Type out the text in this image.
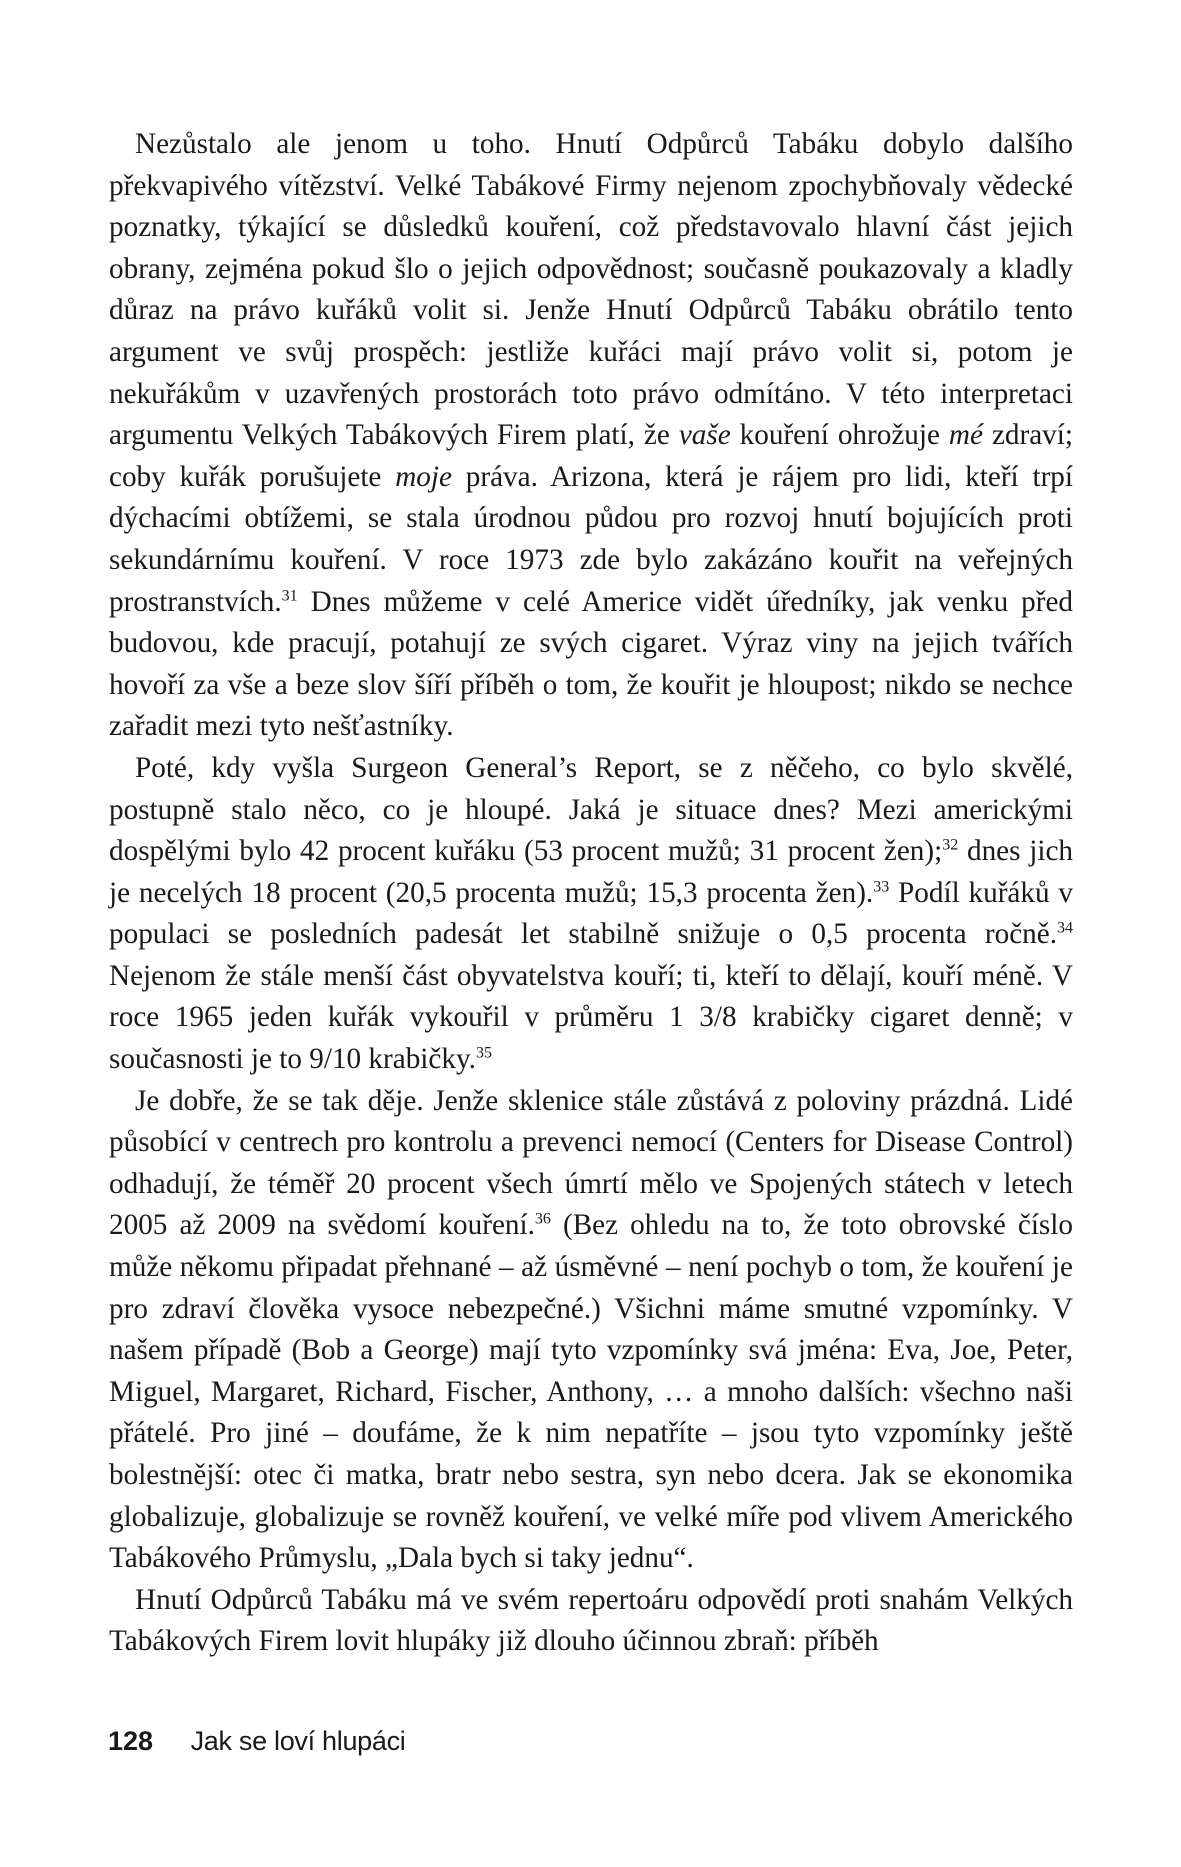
Nezůstalo ale jenom u toho. Hnutí Odpůrců Tabáku dobylo dalšího překvapivého vítězství. Velké Tabákové Firmy nejenom zpochybňovaly vědecké poznatky, týkající se důsledků kouření, což představovalo hlavní část jejich obrany, zejména pokud šlo o jejich odpovědnost; současně poukazovaly a kladly důraz na právo kuřáků volit si. Jenže Hnutí Odpůrců Tabáku obrátilo tento argument ve svůj prospěch: jestliže kuřáci mají právo volit si, potom je nekuřákům v uzavřených prostorách toto právo odmítáno. V této interpretaci argumentu Velkých Tabákových Firem platí, že vaše kouření ohrožuje mé zdraví; coby kuřák porušujete moje práva. Arizona, která je rájem pro lidi, kteří trpí dýchacími obtížemi, se stala úrodnou půdou pro rozvoj hnutí bojujících proti sekundárnímu kouření. V roce 1973 zde bylo zakázáno kouřit na veřejných prostranstvích.$^{31}$ Dnes můžeme v celé Americe vidět úředníky, jak venku před budovou, kde pracují, potahují ze svých cigaret. Výraz viny na jejich tvářích hovoří za vše a beze slov šíří příběh o tom, že kouřit je hloupost; nikdo se nechce zařadit mezi tyto nešťastníky.

Poté, kdy vyšla Surgeon General’s Report, se z něčeho, co bylo skvělé, postupně stalo něco, co je hloupé. Jaká je situace dnes? Mezi americkými dospělými bylo 42 procent kuřáku (53 procent mužů; 31 procent žen);$^{32}$ dnes jich je necelých 18 procent (20,5 procenta mužů; 15,3 procenta žen).$^{33}$ Podíl kuřáků v populaci se posledních padesát let stabilně snižuje o 0,5 procenta ročně.$^{34}$ Nejenom že stále menší část obyvatelstva kouří; ti, kteří to dělají, kouří méně. V roce 1965 jeden kuřák vykouřil v průměru 1 3/8 krabičky cigaret denně; v současnosti je to 9/10 krabičky.$^{35}$

Je dobře, že se tak děje. Jenže sklenice stále zůstává z poloviny prázdná. Lidé působící v centrech pro kontrolu a prevenci nemocí (Centers for Disease Control) odhadují, že téměř 20 procent všech úmrtí mělo ve Spojených státech v letech 2005 až 2009 na svědomí kouření.$^{36}$ (Bez ohledu na to, že toto obrovské číslo může někomu připadat přehnané – až úsměvné – není pochyb o tom, že kouření je pro zdraví člověka vysoce nebezpečné.) Všichni máme smutné vzpomínky. V našem případě (Bob a George) mají tyto vzpomínky svá jména: Eva, Joe, Peter, Miguel, Margaret, Richard, Fischer, Anthony, … a mnoho dalších: všechno naši přátelé. Pro jiné – doufáme, že k nim nepatříte – jsou tyto vzpomínky ještě bolestnější: otec či matka, bratr nebo sestra, syn nebo dcera. Jak se ekonomika globalizuje, globalizuje se rovněž kouření, ve velké míře pod vlivem Amerického Tabákového Průmyslu, „Dala bych si taky jednu“.

Hnutí Odpůrců Tabáku má ve svém repertoáru odpovědí proti snahám Velkých Tabákových Firem lovit hlupáky již dlouho účinnou zbraň: příběh

128 Jak se loví hlupáci
